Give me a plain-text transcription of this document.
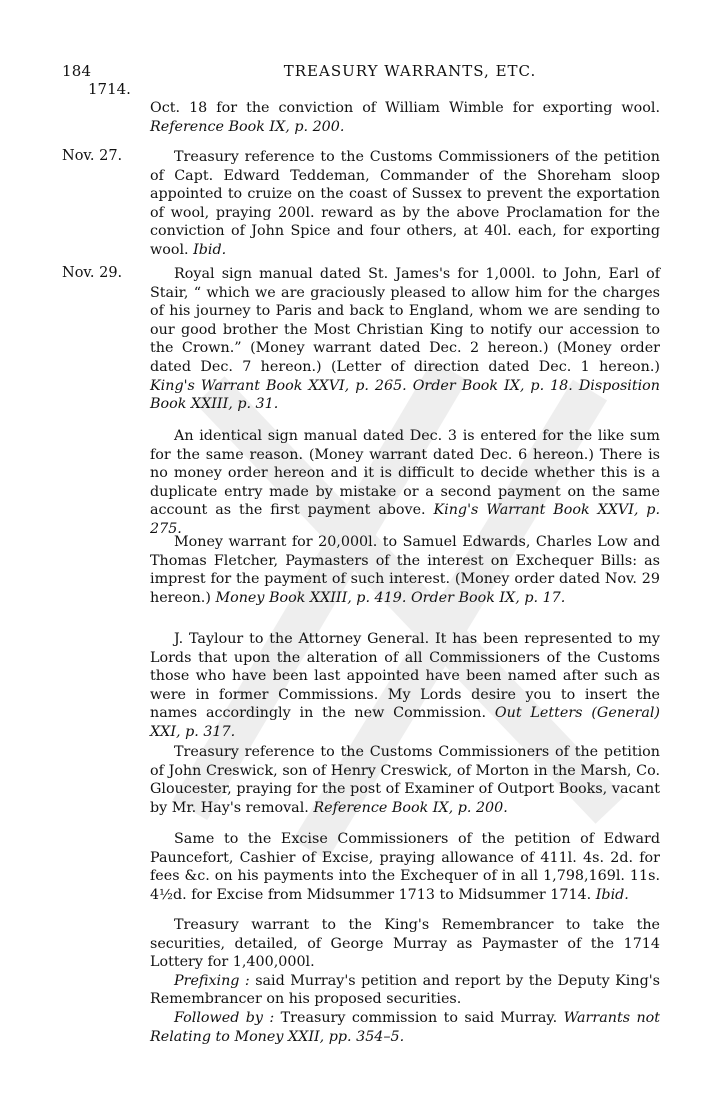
184	TREASURY WARRANTS, ETC.
1714.

Oct. 18 for the conviction of William Wimble for exporting wool. Reference Book IX, p. 200.

Nov. 27.	Treasury reference to the Customs Commissioners of the petition of Capt. Edward Teddeman, Commander of the Shoreham sloop appointed to cruize on the coast of Sussex to prevent the exportation of wool, praying 200l. reward as by the above Proclamation for the conviction of John Spice and four others, at 40l. each, for exporting wool. Ibid.

Nov. 29.	Royal sign manual dated St. James's for 1,000l. to John, Earl of Stair, “ which we are graciously pleased to allow him for the charges of his journey to Paris and back to England, whom we are sending to our good brother the Most Christian King to notify our accession to the Crown.” (Money warrant dated Dec. 2 hereon.) (Money order dated Dec. 7 hereon.) (Letter of direction dated Dec. 1 hereon.) King's Warrant Book XXVI, p. 265. Order Book IX, p. 18. Disposition Book XXIII, p. 31.

An identical sign manual dated Dec. 3 is entered for the like sum for the same reason. (Money warrant dated Dec. 6 hereon.) There is no money order hereon and it is difficult to decide whether this is a duplicate entry made by mistake or a second payment on the same account as the first payment above. King's Warrant Book XXVI, p. 275.

Money warrant for 20,000l. to Samuel Edwards, Charles Low and Thomas Fletcher, Paymasters of the interest on Exchequer Bills: as imprest for the payment of such interest. (Money order dated Nov. 29 hereon.) Money Book XXIII, p. 419. Order Book IX, p. 17.

J. Taylour to the Attorney General. It has been represented to my Lords that upon the alteration of all Commissioners of the Customs those who have been last appointed have been named after such as were in former Commissions. My Lords desire you to insert the names accordingly in the new Commission. Out Letters (General) XXI, p. 317.

Treasury reference to the Customs Commissioners of the petition of John Creswick, son of Henry Creswick, of Morton in the Marsh, Co. Gloucester, praying for the post of Examiner of Outport Books, vacant by Mr. Hay's removal. Reference Book IX, p. 200.

Same to the Excise Commissioners of the petition of Edward Pauncefort, Cashier of Excise, praying allowance of 411l. 4s. 2d. for fees &c. on his payments into the Exchequer of in all 1,798,169l. 11s. 4½d. for Excise from Midsummer 1713 to Midsummer 1714. Ibid.

Treasury warrant to the King's Remembrancer to take the securities, detailed, of George Murray as Paymaster of the 1714 Lottery for 1,400,000l.

Prefixing : said Murray's petition and report by the Deputy King's Remembrancer on his proposed securities.

Followed by : Treasury commission to said Murray. Warrants not Relating to Money XXII, pp. 354–5.
